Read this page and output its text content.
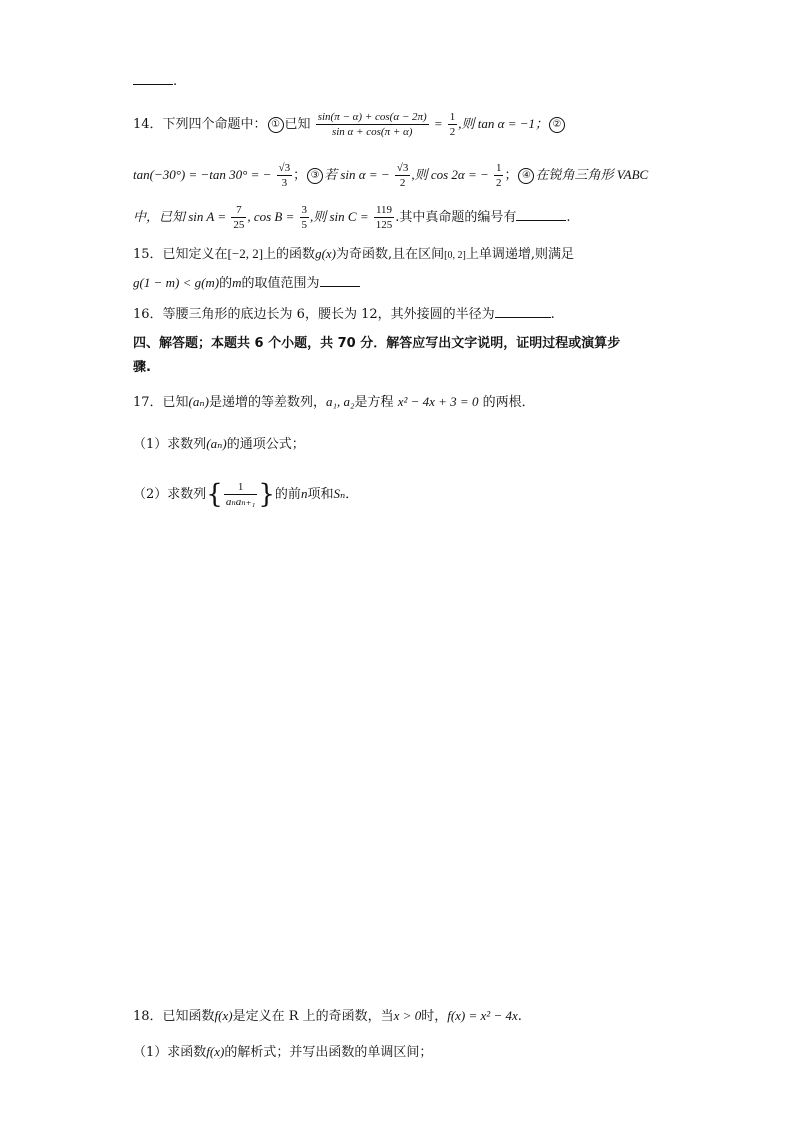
.
14．下列四个命题中： ① 已知 $\frac{\sin(\pi - \alpha) + \cos(\alpha - 2\pi)}{\text{sin α + cos(π + α)}} = \frac{1}{2}$ ,则 tan α = −1； ②
tan(−30°) = −tan 30° = − $\frac{√3}{3}$ ； ③ 若 sin α = − $\frac{√3}{2}$ ,则 cos 2α = − $\frac{1}{2}$ ； ④ 在锐角三角形 VABC
中，已知 $\sin A = \frac{7}{25}$ , $\cos B = \frac{3}{5}$ ,则 $\sin C = \frac{119}{125}$ .其中真命题的编号有	.
15．已知定义在[−2, 2]上的函数g(x)为奇函数,且在区间[0, 2]上单调递增,则满足
g(1 − m) < g(m)的m的取值范围为
16．等腰三角形的底边长为 6，腰长为 12，其外接圆的半径为	.
四、解答题；本题共 6 个小题，共 70 分．解答应写出文字说明，证明过程或演算步
骤.
17．已知(aₙ)是递增的等差数列，a₁, a₂是方程 x² − 4x + 3 = 0 的两根．
（1）求数列(aₙ)的通项公式；
（2）求数列{ $\frac{1}{\text{aₙaₙ₊₁}}$ }的前n项和Sₙ．
18．已知函数f(x)是定义在 R 上的奇函数，当x > 0时，f(x) = x² − 4x.
（1）求函数f(x)的解析式；并写出函数的单调区间；
